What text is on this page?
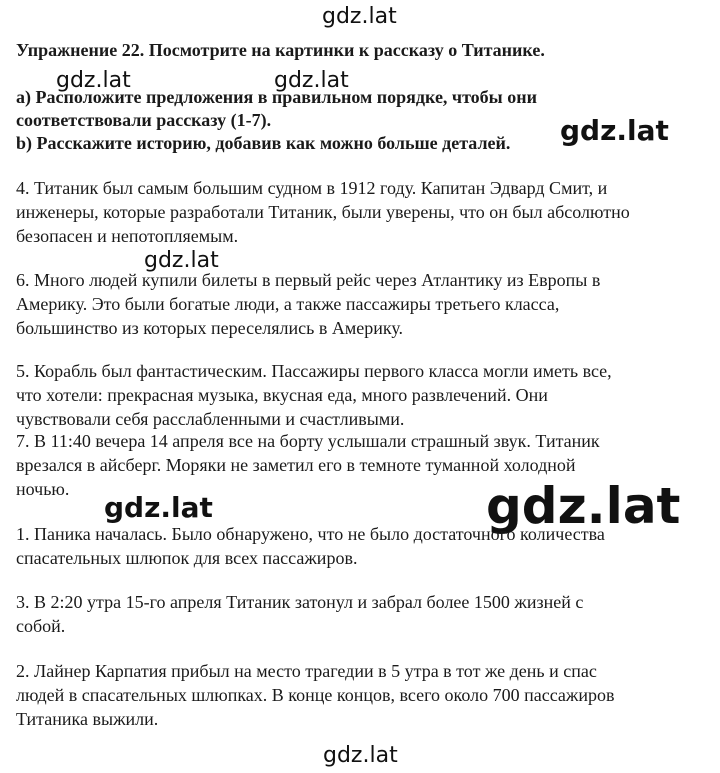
gdz.lat
gdz.lat	gdz.lat
gdz.lat
gdz.lat
gdz.lat	gdz.lat
gdz.lat
Упражнение 22. Посмотрите на картинки к рассказу о Титанике.
a) Расположите предложения в правильном порядке, чтобы они
соответствовали рассказу (1-7).
b) Расскажите историю, добавив как можно больше деталей.
4. Титаник был самым большим судном в 1912 году. Капитан Эдвард Смит, и
инженеры, которые разработали Титаник, были уверены, что он был абсолютно
безопасен и непотопляемым.
6. Много людей купили билеты в первый рейс через Атлантику из Европы в
Америку. Это были богатые люди, а также пассажиры третьего класса,
большинство из которых переселялись в Америку.
5. Корабль был фантастическим. Пассажиры первого класса могли иметь все,
что хотели: прекрасная музыка, вкусная еда, много развлечений. Они
чувствовали себя расслабленными и счастливыми.
7. В 11:40 вечера 14 апреля все на борту услышали страшный звук. Титаник
врезался в айсберг. Моряки не заметил его в темноте туманной холодной
ночью.
1. Паника началась. Было обнаружено, что не было достаточного количества
спасательных шлюпок для всех пассажиров.
3. В 2:20 утра 15-го апреля Титаник затонул и забрал более 1500 жизней с
собой.
2. Лайнер Карпатия прибыл на место трагедии в 5 утра в тот же день и спас
людей в спасательных шлюпках. В конце концов, всего около 700 пассажиров
Титаника выжили.
